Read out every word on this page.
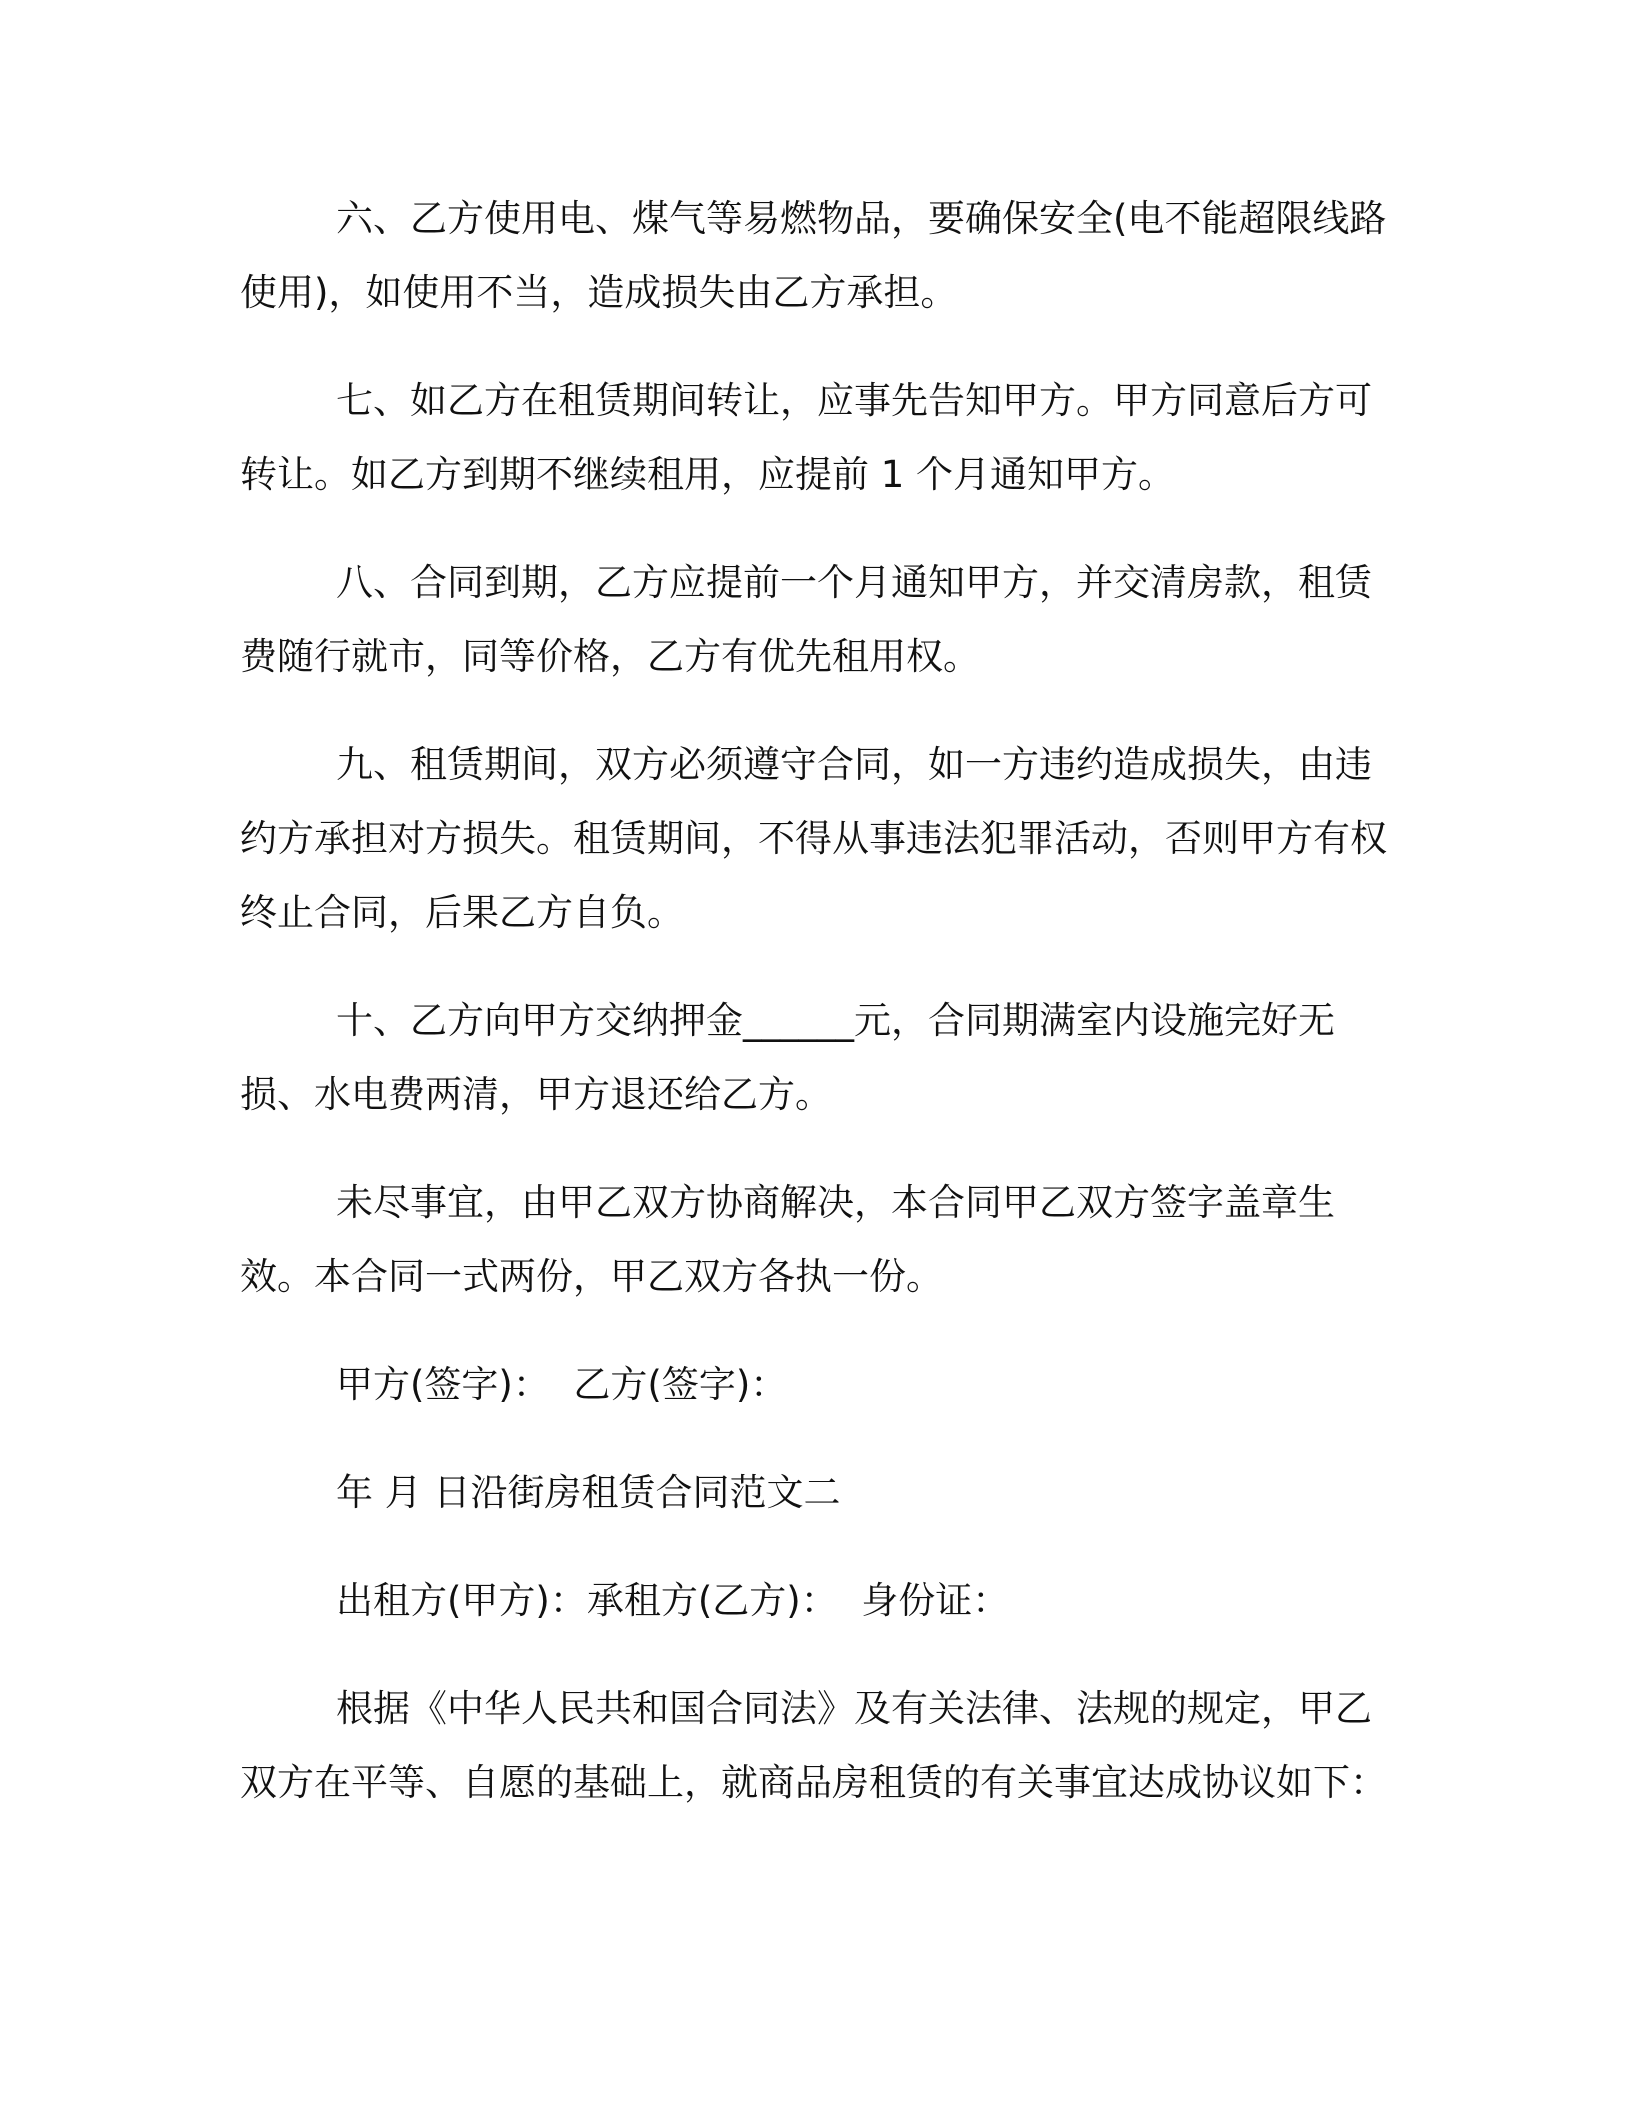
六、乙方使用电、煤气等易燃物品，要确保安全(电不能超限线路使用)，如使用不当，造成损失由乙方承担。

七、如乙方在租赁期间转让，应事先告知甲方。甲方同意后方可转让。如乙方到期不继续租用，应提前 1 个月通知甲方。

八、合同到期，乙方应提前一个月通知甲方，并交清房款，租赁费随行就市，同等价格，乙方有优先租用权。

九、租赁期间，双方必须遵守合同，如一方违约造成损失，由违约方承担对方损失。租赁期间，不得从事违法犯罪活动，否则甲方有权终止合同，后果乙方自负。

十、乙方向甲方交纳押金______元，合同期满室内设施完好无损、水电费两清，甲方退还给乙方。

未尽事宜，由甲乙双方协商解决，本合同甲乙双方签字盖章生效。本合同一式两份，甲乙双方各执一份。

甲方(签字)：  乙方(签字)：

年 月 日沿街房租赁合同范文二

出租方(甲方)：承租方(乙方)：  身份证：

根据《中华人民共和国合同法》及有关法律、法规的规定，甲乙双方在平等、自愿的基础上，就商品房租赁的有关事宜达成协议如下：
